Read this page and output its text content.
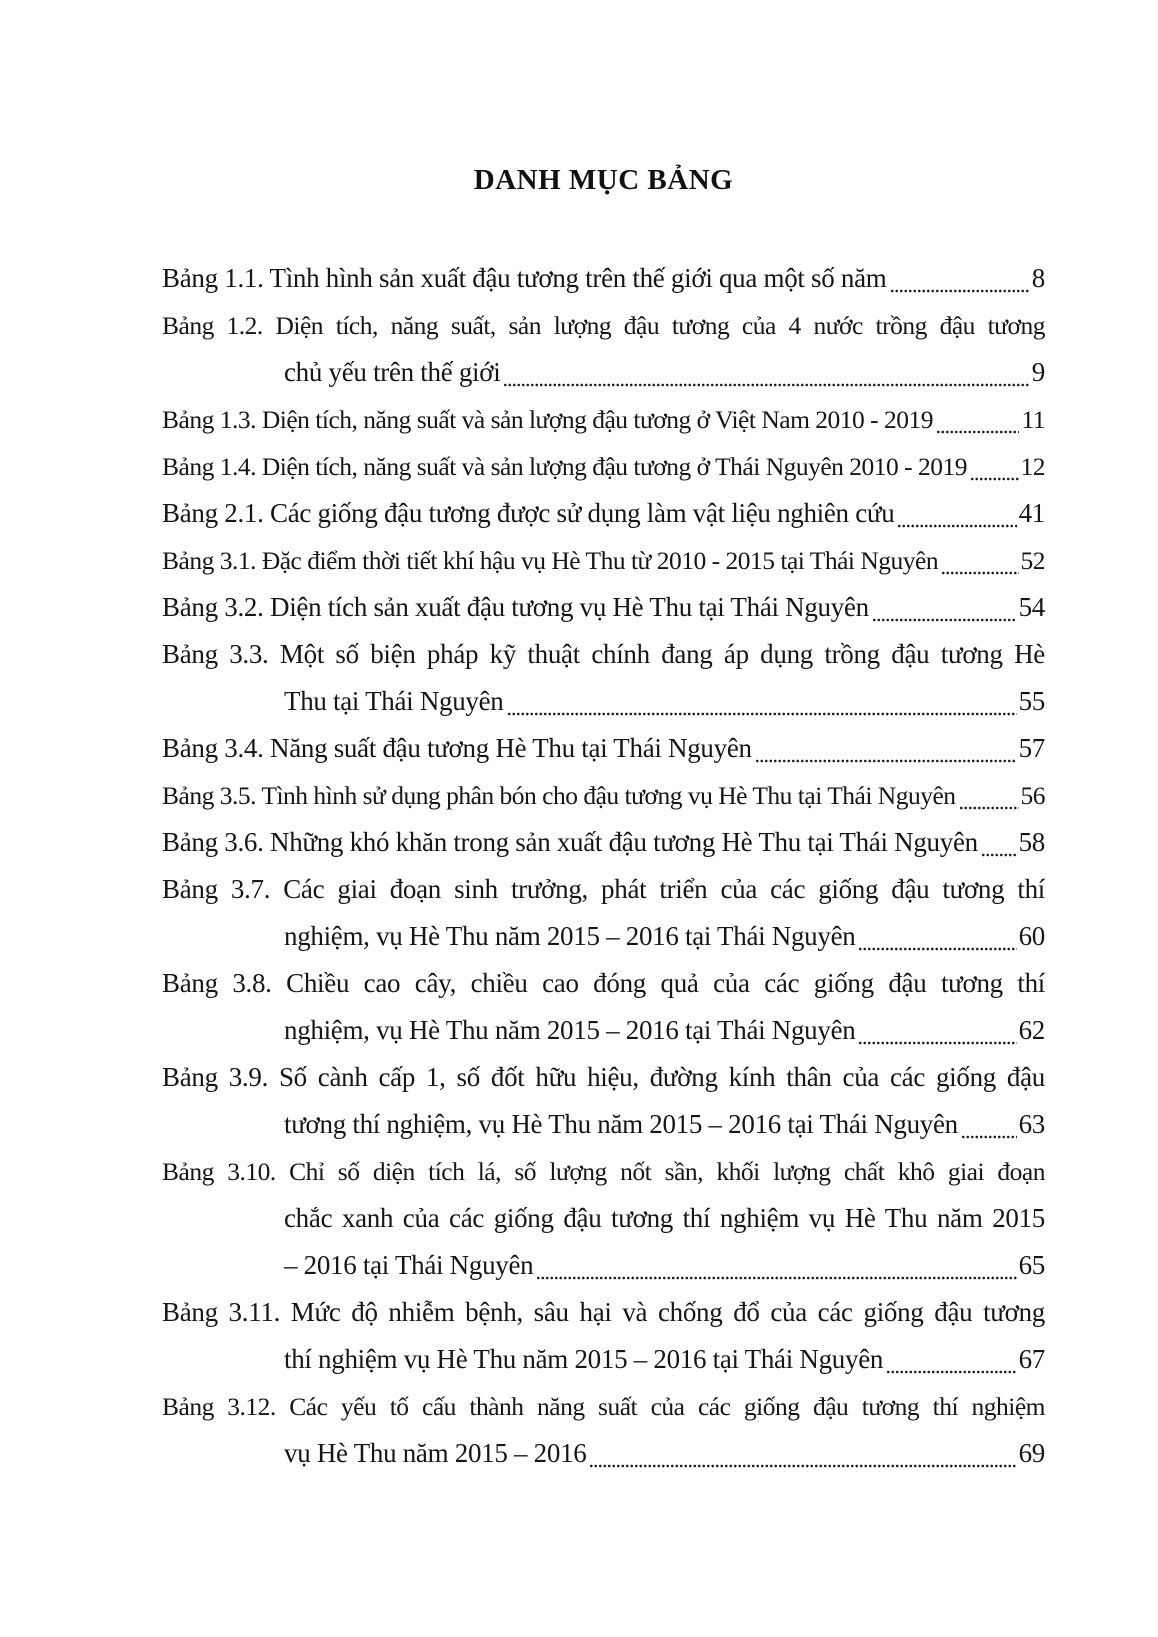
DANH MỤC BẢNG
Bảng 1.1. Tình hình sản xuất đậu tương trên thế giới qua một số năm	8
Bảng 1.2. Diện tích, năng suất, sản lượng đậu tương của 4 nước trồng đậu tương
chủ yếu trên thế giới	9
Bảng 1.3. Diện tích, năng suất và sản lượng đậu tương ở Việt Nam 2010 - 2019	11
Bảng 1.4. Diện tích, năng suất và sản lượng đậu tương ở Thái Nguyên 2010 - 2019 12
Bảng 2.1. Các giống đậu tương được sử dụng làm vật liệu nghiên cứu	41
Bảng 3.1. Đặc điểm thời tiết khí hậu vụ Hè Thu từ 2010 - 2015 tại Thái Nguyên	52
Bảng 3.2. Diện tích sản xuất đậu tương vụ Hè Thu tại Thái Nguyên	54
Bảng 3.3. Một số biện pháp kỹ thuật chính đang áp dụng trồng đậu tương Hè
Thu tại Thái Nguyên	55
Bảng 3.4. Năng suất đậu tương Hè Thu tại Thái Nguyên	57
Bảng 3.5. Tình hình sử dụng phân bón cho đậu tương vụ Hè Thu tại Thái Nguyên	56
Bảng 3.6. Những khó khăn trong sản xuất đậu tương Hè Thu tại Thái Nguyên 58
Bảng 3.7. Các giai đoạn sinh trưởng, phát triển của các giống đậu tương thí
nghiệm, vụ Hè Thu năm 2015 – 2016 tại Thái Nguyên	60
Bảng 3.8. Chiều cao cây, chiều cao đóng quả của các giống đậu tương thí
nghiệm, vụ Hè Thu năm 2015 – 2016 tại Thái Nguyên	62
Bảng 3.9. Số cành cấp 1, số đốt hữu hiệu, đường kính thân của các giống đậu
tương thí nghiệm, vụ Hè Thu năm 2015 – 2016 tại Thái Nguyên 63
Bảng 3.10. Chỉ số diện tích lá, số lượng nốt sần, khối lượng chất khô giai đoạn
chắc xanh của các giống đậu tương thí nghiệm vụ Hè Thu năm 2015
– 2016 tại Thái Nguyên	65
Bảng 3.11. Mức độ nhiễm bệnh, sâu hại và chống đổ của các giống đậu tương
thí nghiệm vụ Hè Thu năm 2015 – 2016 tại Thái Nguyên	67
Bảng 3.12. Các yếu tố cấu thành năng suất của các giống đậu tương thí nghiệm
vụ Hè Thu năm 2015 – 2016	69
